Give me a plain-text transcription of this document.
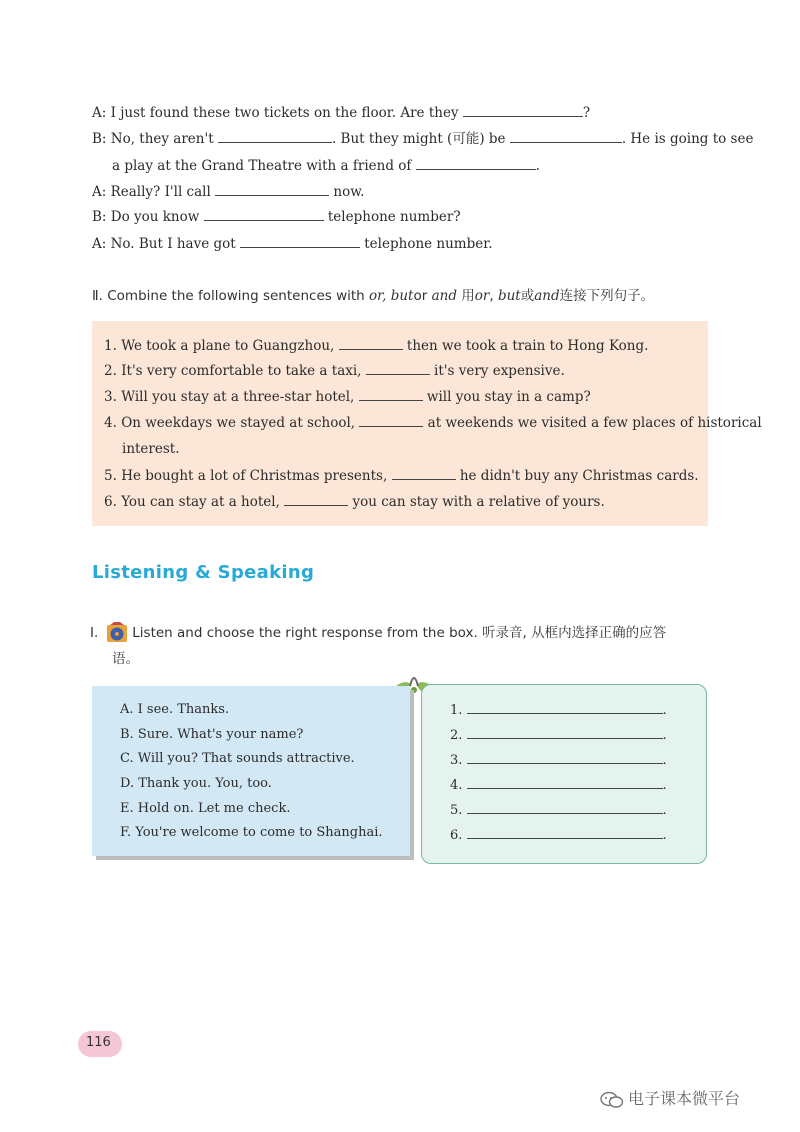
A: I just found these two tickets on the floor. Are they	?
B: No, they aren't	. But they might (可能) be	. He is going to see
a play at the Grand Theatre with a friend of	.
A: Really? I'll call	now.
B: Do you know	telephone number?
A: No. But I have got	telephone number.
Ⅱ. Combine the following sentences with or, butor and 用or, but或and连接下列句子。
1. We took a plane to Guangzhou,	then we took a train to Hong Kong.
2. It's very comfortable to take a taxi,	it's very expensive.
3. Will you stay at a three-star hotel,	will you stay in a camp?
4. On weekdays we stayed at school,	at weekends we visited a few places of historical
interest.
5. He bought a lot of Christmas presents,	he didn't buy any Christmas cards.
6. You can stay at a hotel,	you can stay with a relative of yours.
Listening & Speaking
Ⅰ.	Listen and choose the right response from the box. 听录音, 从框内选择正确的应答
语。
A. I see. Thanks.
B. Sure. What's your name?
C. Will you? That sounds attractive.
D. Thank you. You, too.
E. Hold on. Let me check.
F. You're welcome to come to Shanghai.
1.	.
2.	.
3.	.
4.	.
5.	.
6.	.
116
电子课本微平台
